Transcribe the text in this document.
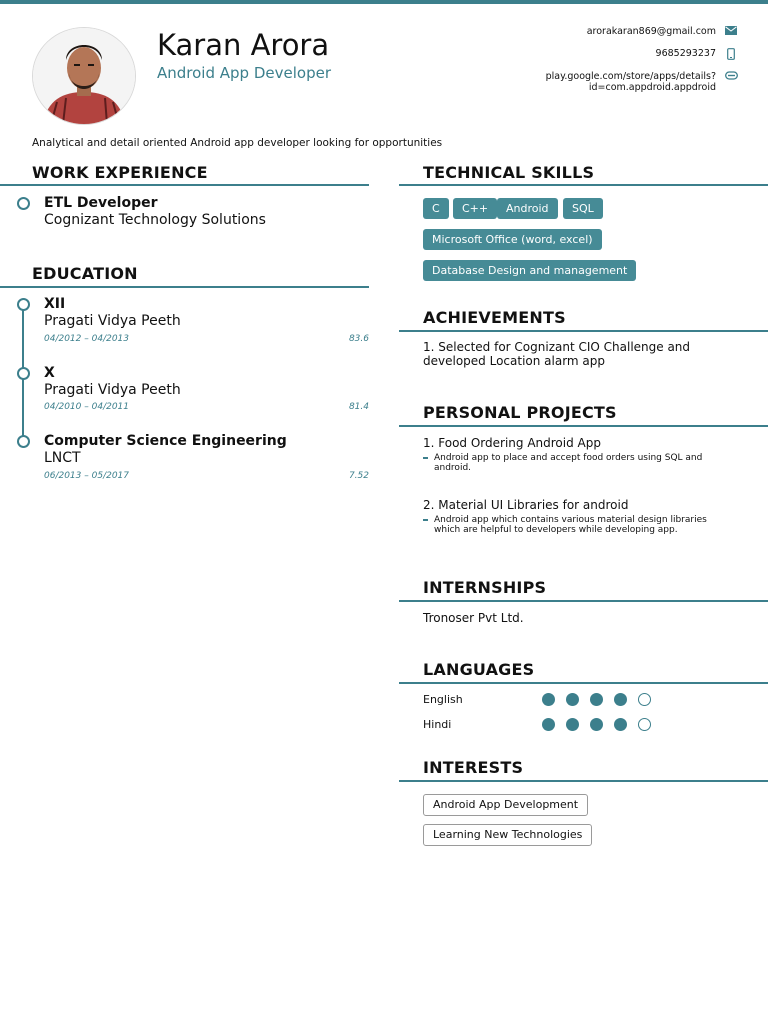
Karan Arora
Android App Developer
arorakaran869@gmail.com
9685293237
play.google.com/store/apps/details?
id=com.appdroid.appdroid
Analytical and detail oriented Android app developer looking for opportunities
WORK EXPERIENCE
ETL Developer
Cognizant Technology Solutions
EDUCATION
XII
Pragati Vidya Peeth
04/2012 – 04/2013	83.6
X
Pragati Vidya Peeth
04/2010 – 04/2011	81.4
Computer Science Engineering
LNCT
06/2013 – 05/2017	7.52
TECHNICAL SKILLS
C	C++	Android	SQL
Microsoft Office (word, excel)
Database Design and management
ACHIEVEMENTS
1. Selected for Cognizant CIO Challenge and
developed Location alarm app
PERSONAL PROJECTS
1. Food Ordering Android App
Android app to place and accept food orders using SQL and
android.
2. Material UI Libraries for android
Android app which contains various material design libraries
which are helpful to developers while developing app.
INTERNSHIPS
Tronoser Pvt Ltd.
LANGUAGES
English
Hindi
INTERESTS
Android App Development
Learning New Technologies
